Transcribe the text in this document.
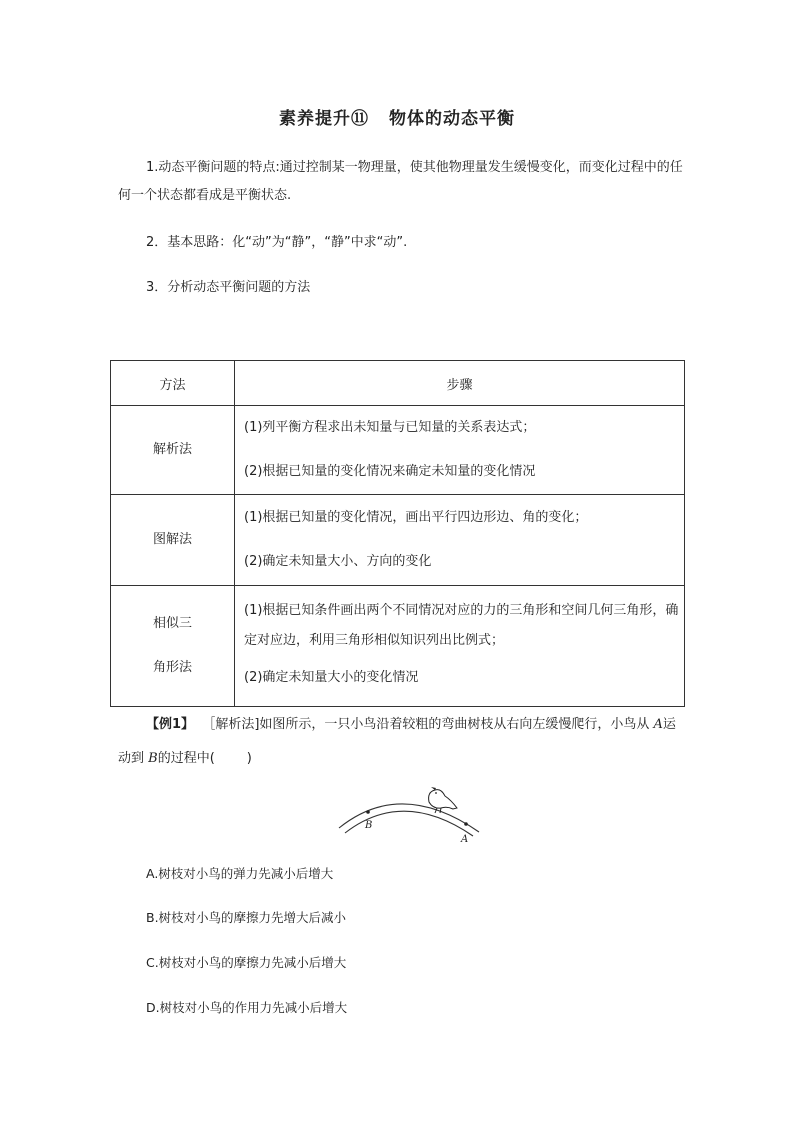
素养提升⑪ 物体的动态平衡
1.动态平衡问题的特点:通过控制某一物理量，使其他物理量发生缓慢变化，而变化过程中的任何一个状态都看成是平衡状态.
2．基本思路：化“动”为“静”，“静”中求“动”.
3．分析动态平衡问题的方法
方法	步骤

解析法	(1)列平衡方程求出未知量与已知量的关系表达式；
(2)根据已知量的变化情况来确定未知量的变化情况

图解法	(1)根据已知量的变化情况，画出平行四边形边、角的变化；
(2)确定未知量大小、方向的变化

相似三
角形法	(1)根据已知条件画出两个不同情况对应的力的三角形和空间几何三角形，确定对应边，利用三角形相似知识列出比例式；
(2)确定未知量大小的变化情况
【例1】 ［解析法]如图所示，一只小鸟沿着较粗的弯曲树枝从右向左缓慢爬行，小鸟从 A运动到 B的过程中( )
B
A
A.树枝对小鸟的弹力先减小后增大
B.树枝对小鸟的摩擦力先增大后减小
C.树枝对小鸟的摩擦力先减小后增大
D.树枝对小鸟的作用力先减小后增大
